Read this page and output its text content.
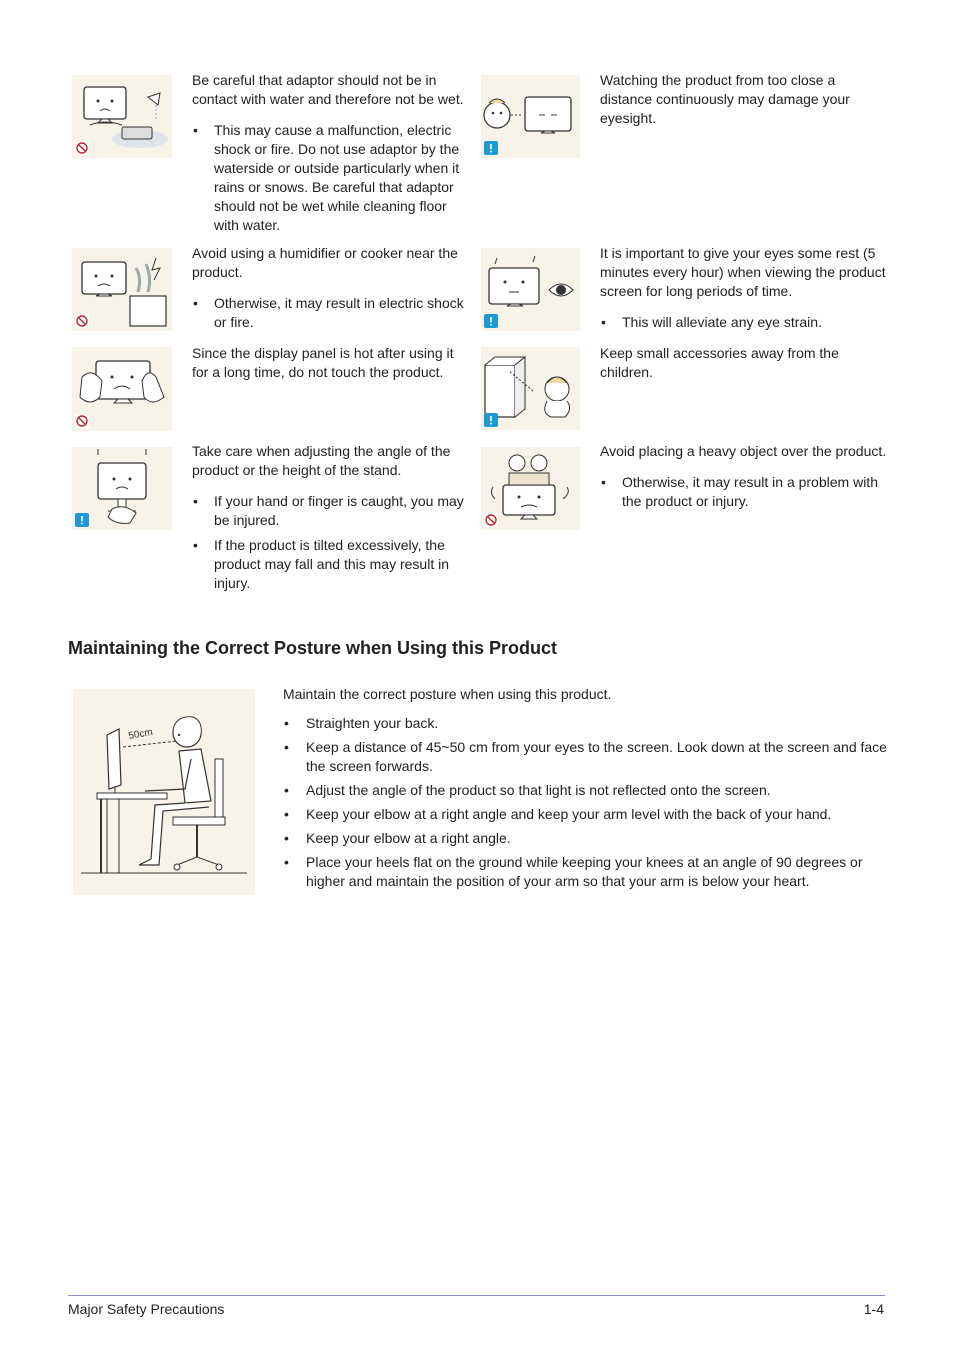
Be careful that adaptor should not be in contact with water and therefore not be wet.

• This may cause a malfunction, electric shock or fire. Do not use adaptor by the waterside or outside particularly when it rains or snows. Be careful that adaptor should not be wet while cleaning floor with water.

Watching the product from too close a distance continuously may damage your eyesight.

Avoid using a humidifier or cooker near the product.

• Otherwise, it may result in electric shock or fire.

It is important to give your eyes some rest (5 minutes every hour) when viewing the product screen for long periods of time.

• This will alleviate any eye strain.

Since the display panel is hot after using it for a long time, do not touch the product.

Keep small accessories away from the children.

Take care when adjusting the angle of the product or the height of the stand.

• If your hand or finger is caught, you may be injured.
• If the product is tilted excessively, the product may fall and this may result in injury.

Avoid placing a heavy object over the product.

• Otherwise, it may result in a problem with the product or injury.
Maintaining the Correct Posture when Using this Product
50cm

Maintain the correct posture when using this product.

• Straighten your back.
• Keep a distance of 45~50 cm from your eyes to the screen. Look down at the screen and face the screen forwards.
• Adjust the angle of the product so that light is not reflected onto the screen.
• Keep your elbow at a right angle and keep your arm level with the back of your hand.
• Keep your elbow at a right angle.
• Place your heels flat on the ground while keeping your knees at an angle of 90 degrees or higher and maintain the position of your arm so that your arm is below your heart.
Major Safety Precautions	1-4
